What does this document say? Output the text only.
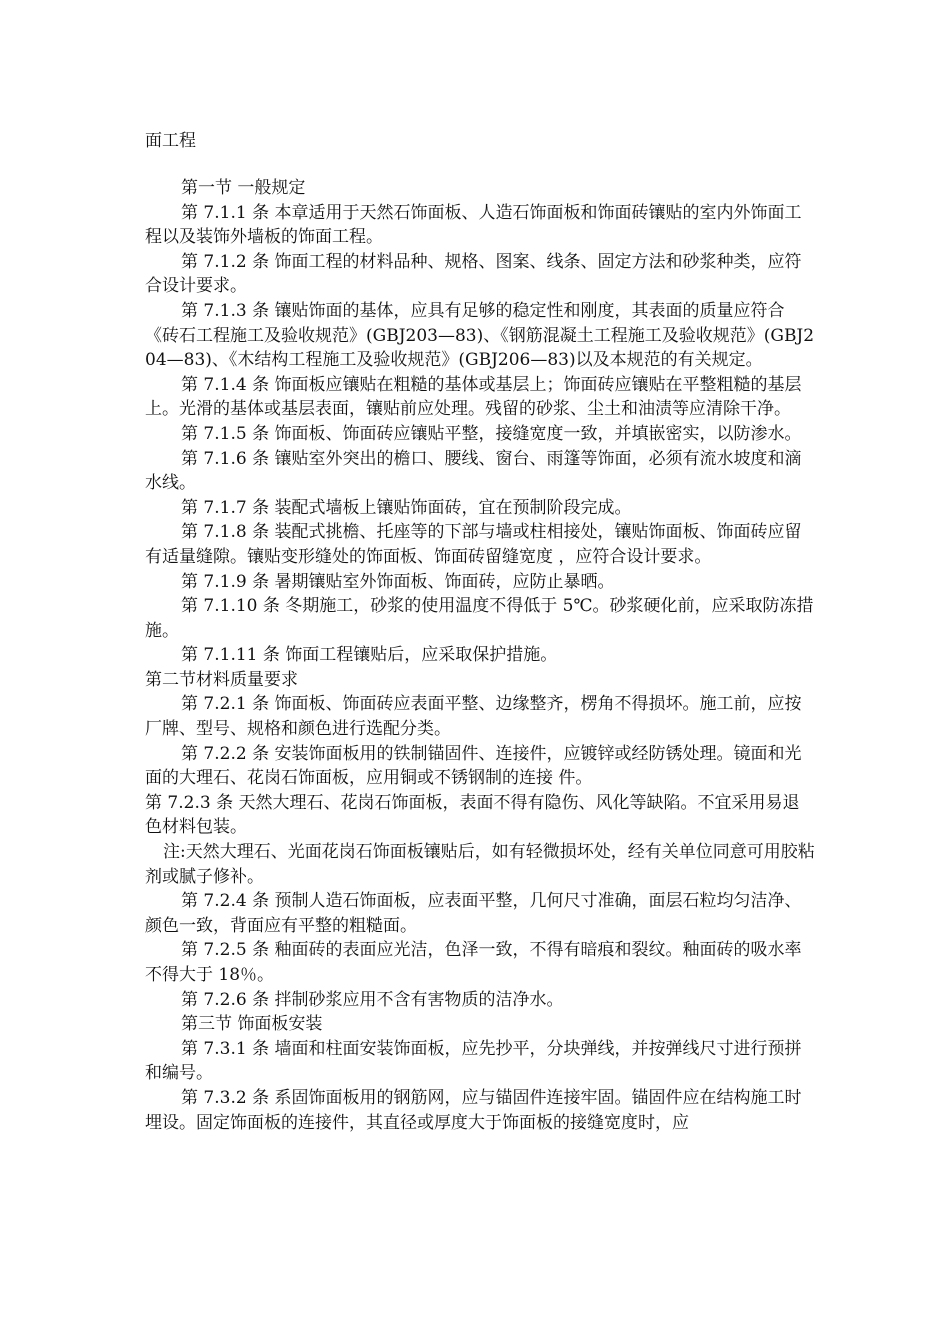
面工程

第一节 一般规定

第 7.1.1 条 本章适用于天然石饰面板、人造石饰面板和饰面砖镶贴的室内外饰面工程以及装饰外墙板的饰面工程。

第 7.1.2 条 饰面工程的材料品种、规格、图案、线条、固定方法和砂浆种类，应符合设计要求。

第 7.1.3 条 镶贴饰面的基体，应具有足够的稳定性和刚度，其表面的质量应符合《砖石工程施工及验收规范》(GBJ203—83)、《钢筋混凝土工程施工及验收规范》(GBJ204—83)、《木结构工程施工及验收规范》(GBJ206—83)以及本规范的有关规定。

第 7.1.4 条 饰面板应镶贴在粗糙的基体或基层上；饰面砖应镶贴在平整粗糙的基层上。光滑的基体或基层表面，镶贴前应处理。残留的砂浆、尘土和油渍等应清除干净。

第 7.1.5 条 饰面板、饰面砖应镶贴平整，接缝宽度一致，并填嵌密实，以防渗水。

第 7.1.6 条 镶贴室外突出的檐口、腰线、窗台、雨篷等饰面，必须有流水坡度和滴水线。

第 7.1.7 条 装配式墙板上镶贴饰面砖，宜在预制阶段完成。

第 7.1.8 条 装配式挑檐、托座等的下部与墙或柱相接处，镶贴饰面板、饰面砖应留有适量缝隙。镶贴变形缝处的饰面板、饰面砖留缝宽度 ，应符合设计要求。

第 7.1.9 条 暑期镶贴室外饰面板、饰面砖，应防止暴晒。

第 7.1.10 条 冬期施工，砂浆的使用温度不得低于 5℃。砂浆硬化前，应采取防冻措施。

第 7.1.11 条 饰面工程镶贴后，应采取保护措施。

第二节材料质量要求

第 7.2.1 条 饰面板、饰面砖应表面平整、边缘整齐，楞角不得损坏。施工前，应按厂牌、型号、规格和颜色进行选配分类。

第 7.2.2 条 安装饰面板用的铁制锚固件、连接件，应镀锌或经防锈处理。镜面和光面的大理石、花岗石饰面板，应用铜或不锈钢制的连接 件。

第 7.2.3 条 天然大理石、花岗石饰面板，表面不得有隐伤、风化等缺陷。不宜采用易退色材料包装。

注:天然大理石、光面花岗石饰面板镶贴后，如有轻微损坏处，经有关单位同意可用胶粘剂或腻子修补。

第 7.2.4 条 预制人造石饰面板，应表面平整，几何尺寸准确，面层石粒均匀洁净、颜色一致，背面应有平整的粗糙面。

第 7.2.5 条 釉面砖的表面应光洁，色泽一致，不得有暗痕和裂纹。釉面砖的吸水率不得大于 18％。

第 7.2.6 条 拌制砂浆应用不含有害物质的洁净水。

第三节 饰面板安装

第 7.3.1 条 墙面和柱面安装饰面板，应先抄平，分块弹线，并按弹线尺寸进行预拼和编号。

第 7.3.2 条 系固饰面板用的钢筋网，应与锚固件连接牢固。锚固件应在结构施工时埋设。固定饰面板的连接件，其直径或厚度大于饰面板的接缝宽度时，应
